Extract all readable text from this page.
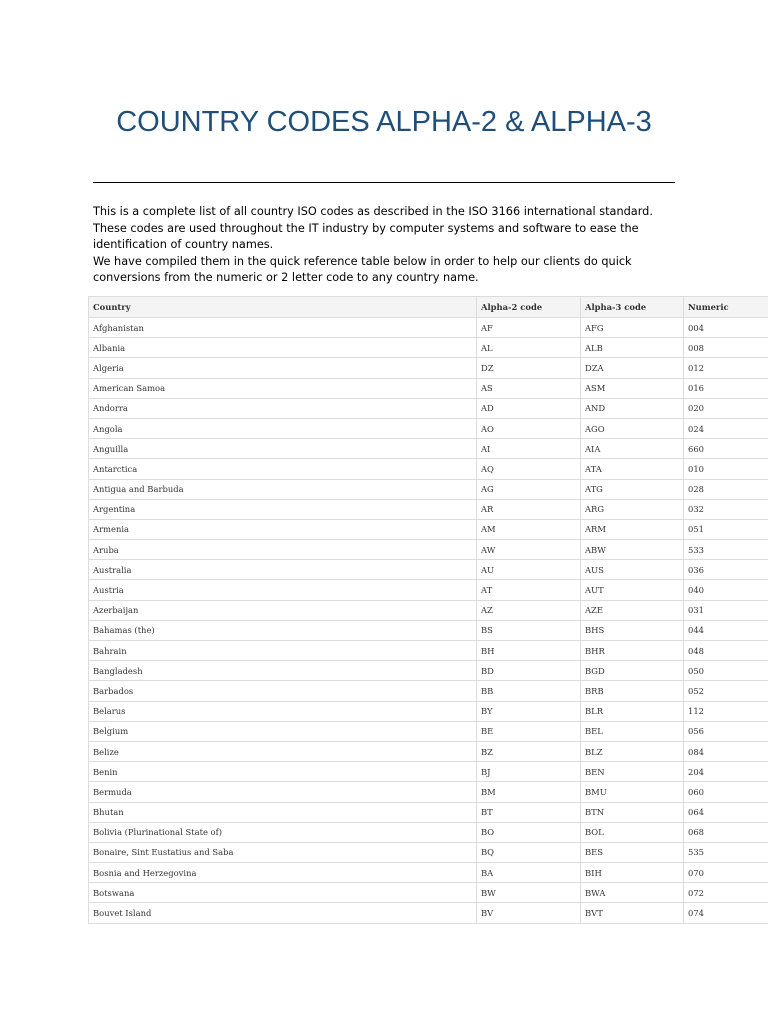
COUNTRY CODES ALPHA-2 & ALPHA-3

This is a complete list of all country ISO codes as described in the ISO 3166 international standard. These codes are used throughout the IT industry by computer systems and software to ease the identification of country names.

We have compiled them in the quick reference table below in order to help our clients do quick conversions from the numeric or 2 letter code to any country name.

Country	Alpha-2 code	Alpha-3 code	Numeric
Afghanistan	AF	AFG	004
Albania	AL	ALB	008
Algeria	DZ	DZA	012
American Samoa	AS	ASM	016
Andorra	AD	AND	020
Angola	AO	AGO	024
Anguilla	AI	AIA	660
Antarctica	AQ	ATA	010
Antigua and Barbuda	AG	ATG	028
Argentina	AR	ARG	032
Armenia	AM	ARM	051
Aruba	AW	ABW	533
Australia	AU	AUS	036
Austria	AT	AUT	040
Azerbaijan	AZ	AZE	031
Bahamas (the)	BS	BHS	044
Bahrain	BH	BHR	048
Bangladesh	BD	BGD	050
Barbados	BB	BRB	052
Belarus	BY	BLR	112
Belgium	BE	BEL	056
Belize	BZ	BLZ	084
Benin	BJ	BEN	204
Bermuda	BM	BMU	060
Bhutan	BT	BTN	064
Bolivia (Plurinational State of)	BO	BOL	068
Bonaire, Sint Eustatius and Saba	BQ	BES	535
Bosnia and Herzegovina	BA	BIH	070
Botswana	BW	BWA	072
Bouvet Island	BV	BVT	074
